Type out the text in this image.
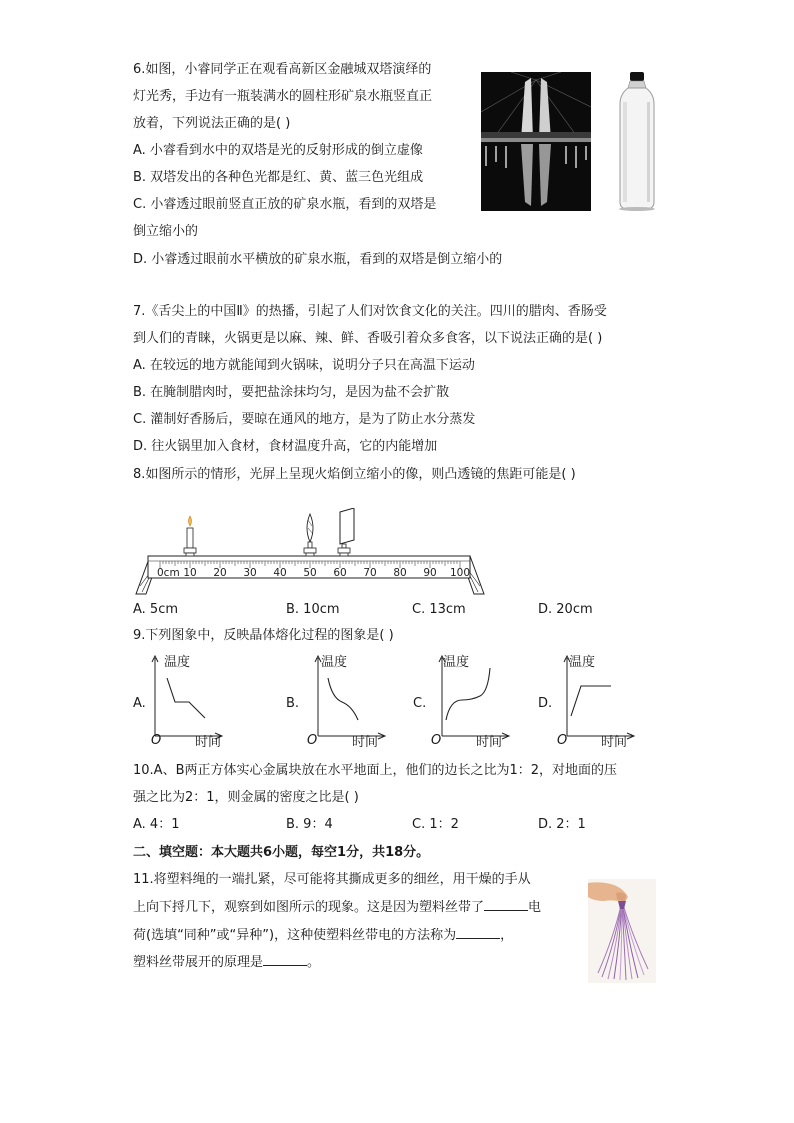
6.如图，小睿同学正在观看高新区金融城双塔演绎的
灯光秀，手边有一瓶装满水的圆柱形矿泉水瓶竖直正
放着，下列说法正确的是( )
A. 小睿看到水中的双塔是光的反射形成的倒立虚像
B. 双塔发出的各种色光都是红、黄、蓝三色光组成
C. 小睿透过眼前竖直正放的矿泉水瓶，看到的双塔是
倒立缩小的
D. 小睿透过眼前水平横放的矿泉水瓶，看到的双塔是倒立缩小的
7.《舌尖上的中国Ⅱ》的热播，引起了人们对饮食文化的关注。四川的腊肉、香肠受
到人们的青睐，火锅更是以麻、辣、鲜、香吸引着众多食客，以下说法正确的是( )
A. 在较远的地方就能闻到火锅味，说明分子只在高温下运动
B. 在腌制腊肉时，要把盐涂抹均匀，是因为盐不会扩散
C. 灌制好香肠后，要晾在通风的地方，是为了防止水分蒸发
D. 往火锅里加入食材，食材温度升高，它的内能增加
8.如图所示的情形，光屏上呈现火焰倒立缩小的像，则凸透镜的焦距可能是( )
0cm 10 20 30 40 50 60 70 80 90 100
A. 5cm	B. 10cm	C. 13cm	D. 20cm
9.下列图象中，反映晶体熔化过程的图象是( )
A.
温度
O	时间
B.
温度
O	时间
C.
温度
O	时间
D.
温度
O	时间
10.A、B两正方体实心金属块放在水平地面上，他们的边长之比为1：2，对地面的压
强之比为2：1，则金属的密度之比是( )
A. 4：1	B. 9：4	C. 1：2	D. 2：1
二、填空题：本大题共6小题，每空1分，共18分。
11.将塑料绳的一端扎紧，尽可能将其撕成更多的细丝，用干燥的手从
上向下捋几下，观察到如图所示的现象。这是因为塑料丝带了	电
荷(选填“同种”或“异种”)，这种使塑料丝带电的方法称为	，
塑料丝带展开的原理是	。
